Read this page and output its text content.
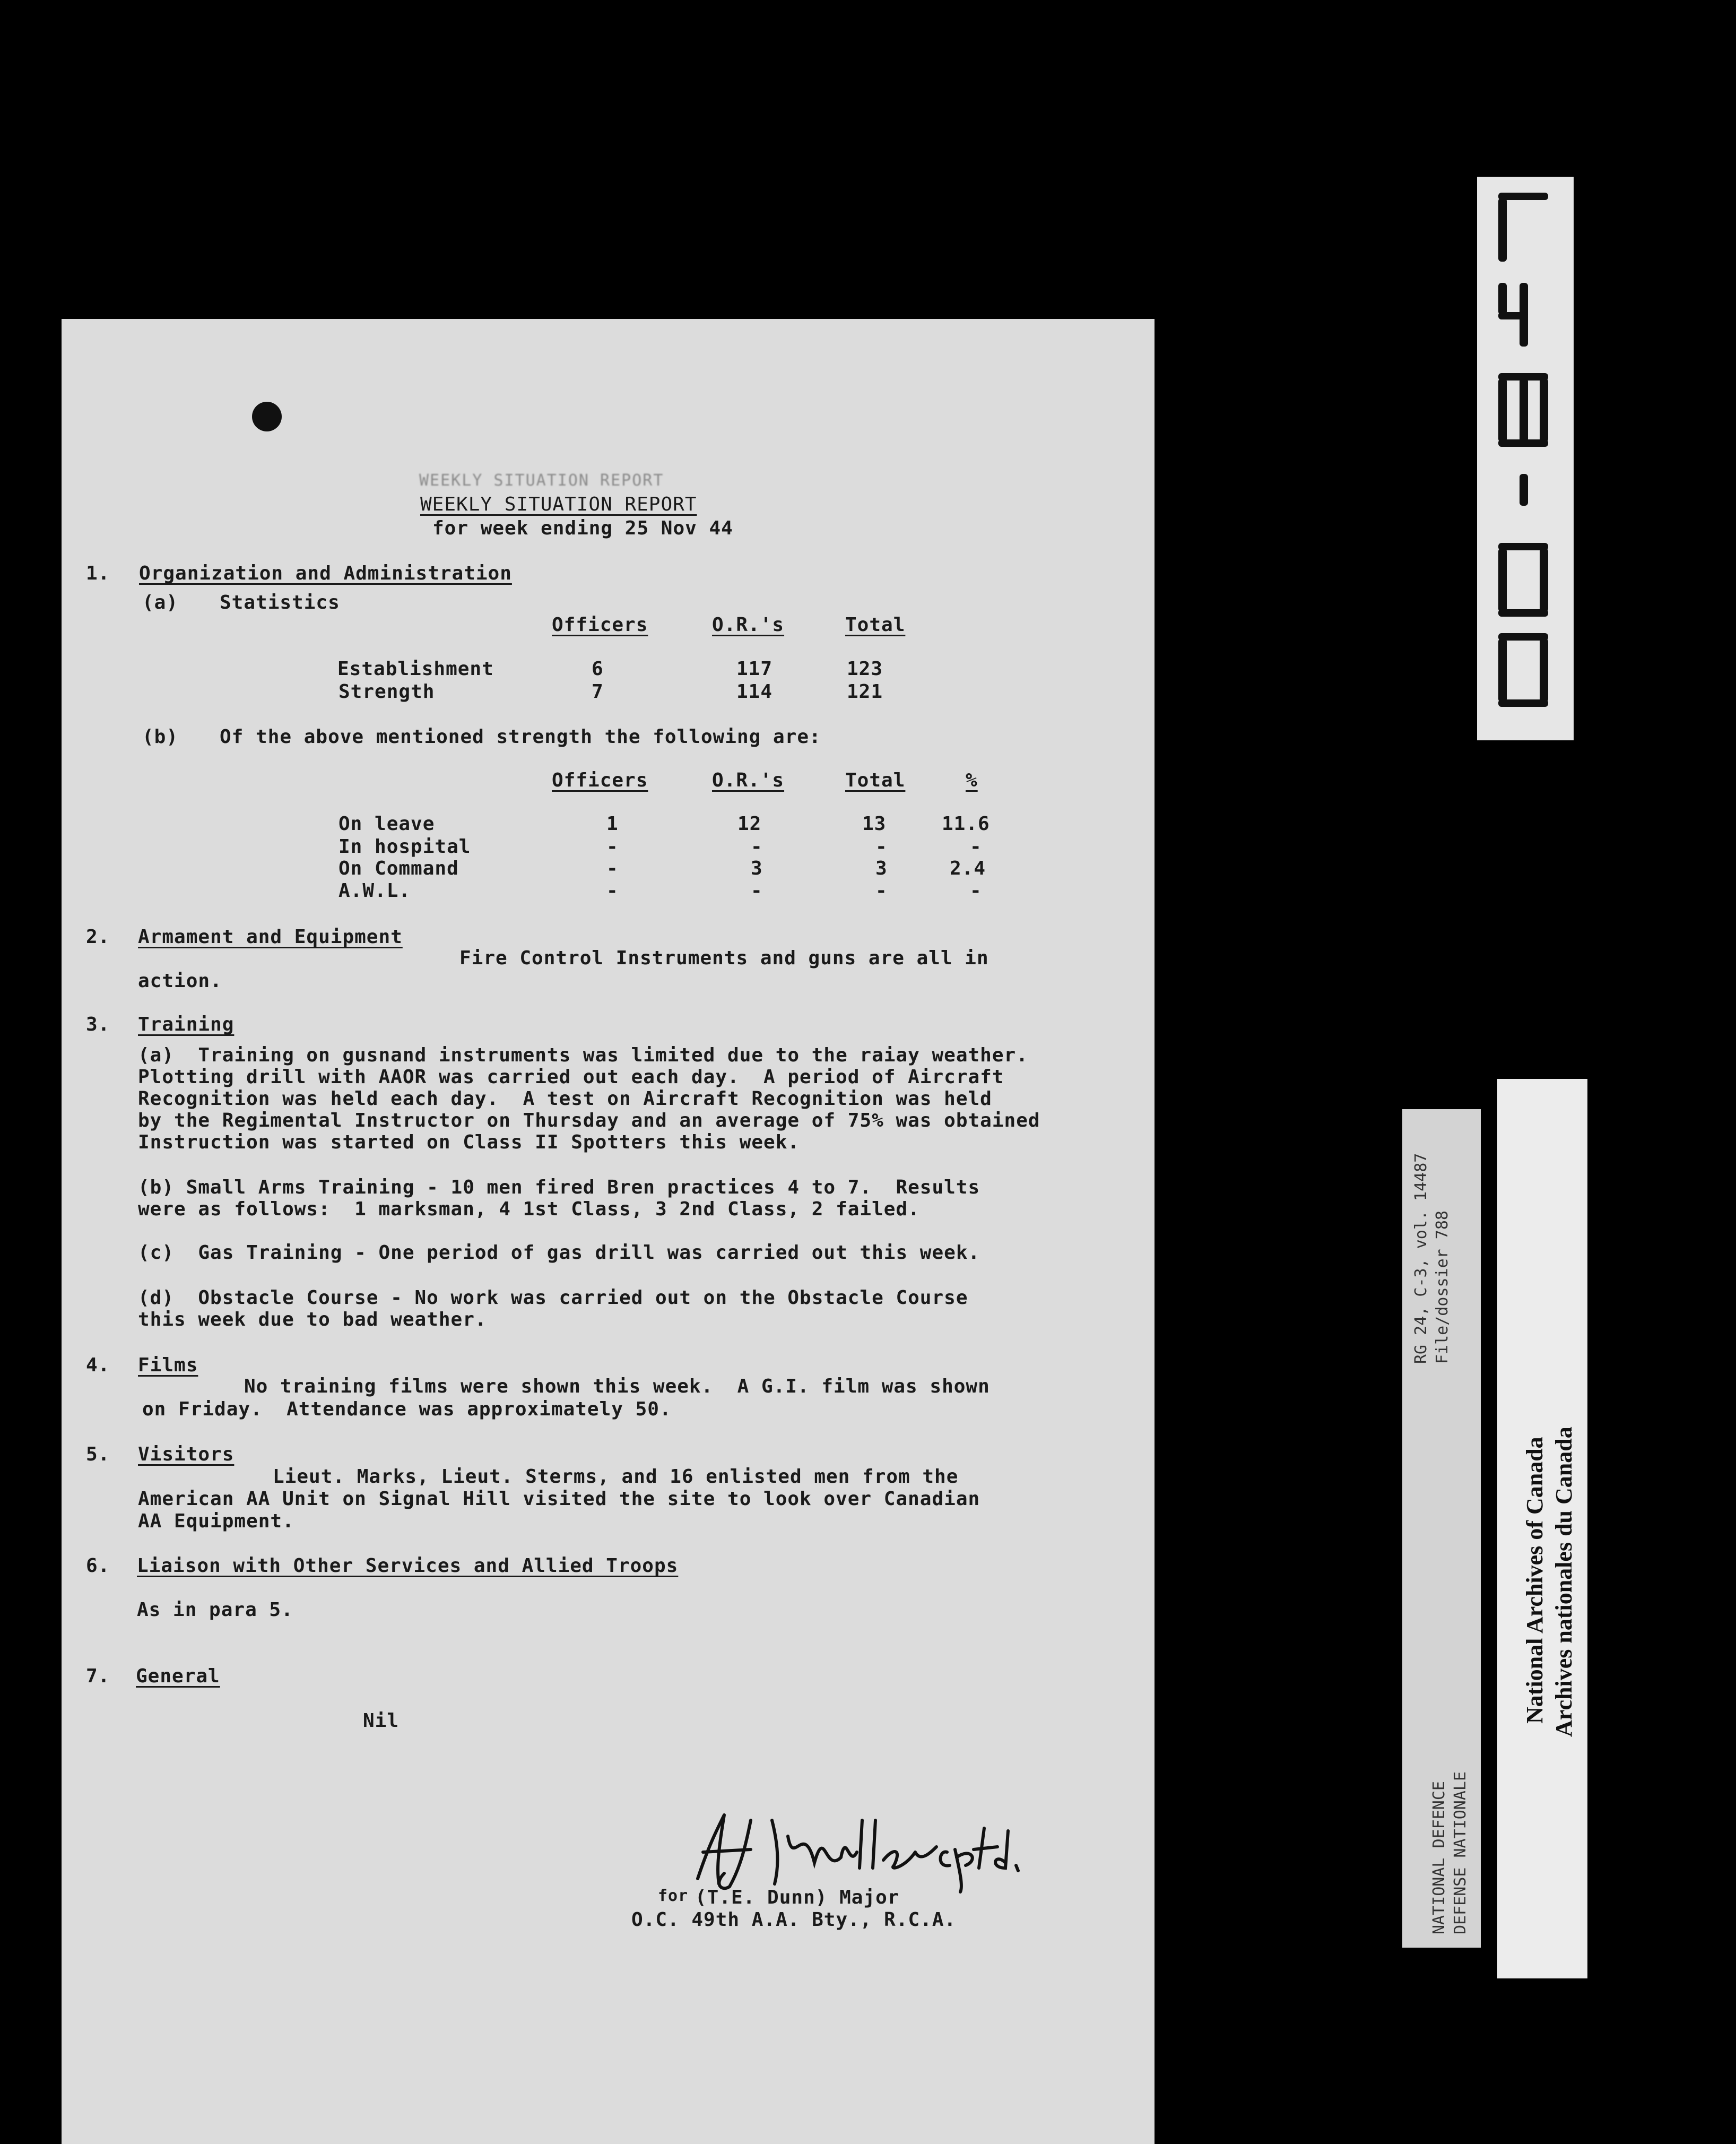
WEEKLY SITUATION REPORT
WEEKLY SITUATION REPORT
for week ending 25 Nov 44
1. Organization and Administration
(a) Statistics
Officers	O.R.'s	Total
Establishment	6	117	123
Strength	7	114	121
(b) Of the above mentioned strength the following are:
Officers	O.R.'s	Total	%
On leave	1	12	13	11.6
In hospital	-	-	-	-
On Command	-	3	3	2.4
A.W.L.	-	-	-	-
2. Armament and Equipment
Fire Control Instruments and guns are all in
action.
3. Training
(a)  Training on gusnand instruments was limited due to the raiay weather.
Plotting drill with AAOR was carried out each day.  A period of Aircraft
Recognition was held each day.  A test on Aircraft Recognition was held
by the Regimental Instructor on Thursday and an average of 75% was obtained
Instruction was started on Class II Spotters this week.
(b) Small Arms Training - 10 men fired Bren practices 4 to 7.  Results
were as follows:  1 marksman, 4 1st Class, 3 2nd Class, 2 failed.
(c)  Gas Training - One period of gas drill was carried out this week.
(d)  Obstacle Course - No work was carried out on the Obstacle Course
this week due to bad weather.
4. Films
No training films were shown this week.  A G.I. film was shown
on Friday.  Attendance was approximately 50.
5. Visitors
Lieut. Marks, Lieut. Sterms, and 16 enlisted men from the
American AA Unit on Signal Hill visited the site to look over Canadian
AA Equipment.
6. Liaison with Other Services and Allied Troops
As in para 5.
7. General
Nil
for (T.E. Dunn) Major
O.C. 49th A.A. Bty., R.C.A.
RG 24, C-3, vol. 14487 File/dossier 788
NATIONAL DEFENCE DEFENSE NATIONALE
National Archives of Canada Archives nationales du Canada
